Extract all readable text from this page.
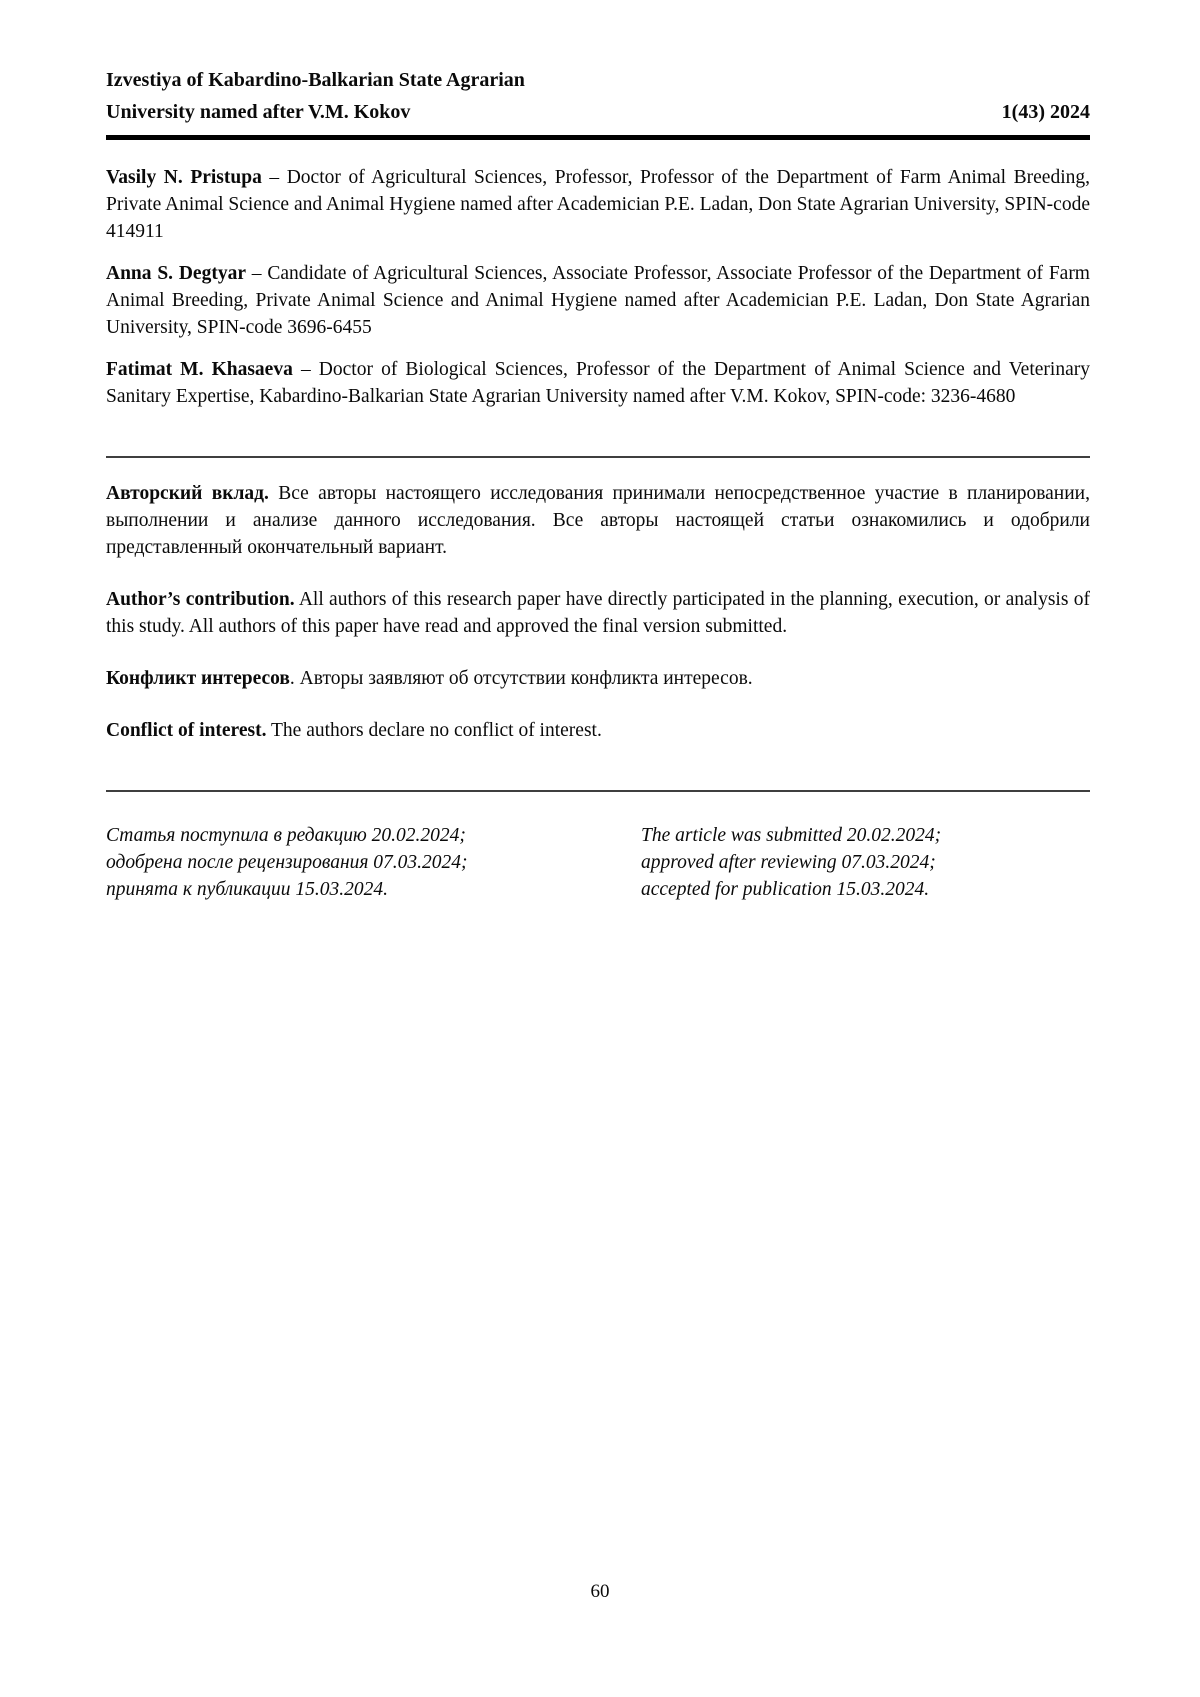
Izvestiya of Kabardino-Balkarian State Agrarian
University named after V.M. Kokov	1(43) 2024

Vasily N. Pristupa – Doctor of Agricultural Sciences, Professor, Professor of the Department of Farm Animal Breeding, Private Animal Science and Animal Hygiene named after Academician P.E. Ladan, Don State Agrarian University, SPIN-code 414911

Anna S. Degtyar – Candidate of Agricultural Sciences, Associate Professor, Associate Professor of the Department of Farm Animal Breeding, Private Animal Science and Animal Hygiene named after Academician P.E. Ladan, Don State Agrarian University, SPIN-code 3696-6455

Fatimat M. Khasaeva – Doctor of Biological Sciences, Professor of the Department of Animal Science and Veterinary Sanitary Expertise, Kabardino-Balkarian State Agrarian University named after V.M. Kokov, SPIN-code: 3236-4680

Авторский вклад. Все авторы настоящего исследования принимали непосредственное участие в планировании, выполнении и анализе данного исследования. Все авторы настоящей статьи ознакомились и одобрили представленный окончательный вариант.

Author’s contribution. All authors of this research paper have directly participated in the planning, execution, or analysis of this study. All authors of this paper have read and approved the final version submitted.

Конфликт интересов. Авторы заявляют об отсутствии конфликта интересов.

Conflict of interest. The authors declare no conflict of interest.

Статья поступила в редакцию 20.02.2024;
одобрена после рецензирования 07.03.2024;
принята к публикации 15.03.2024.
The article was submitted 20.02.2024;
approved after reviewing 07.03.2024;
accepted for publication 15.03.2024.
60
